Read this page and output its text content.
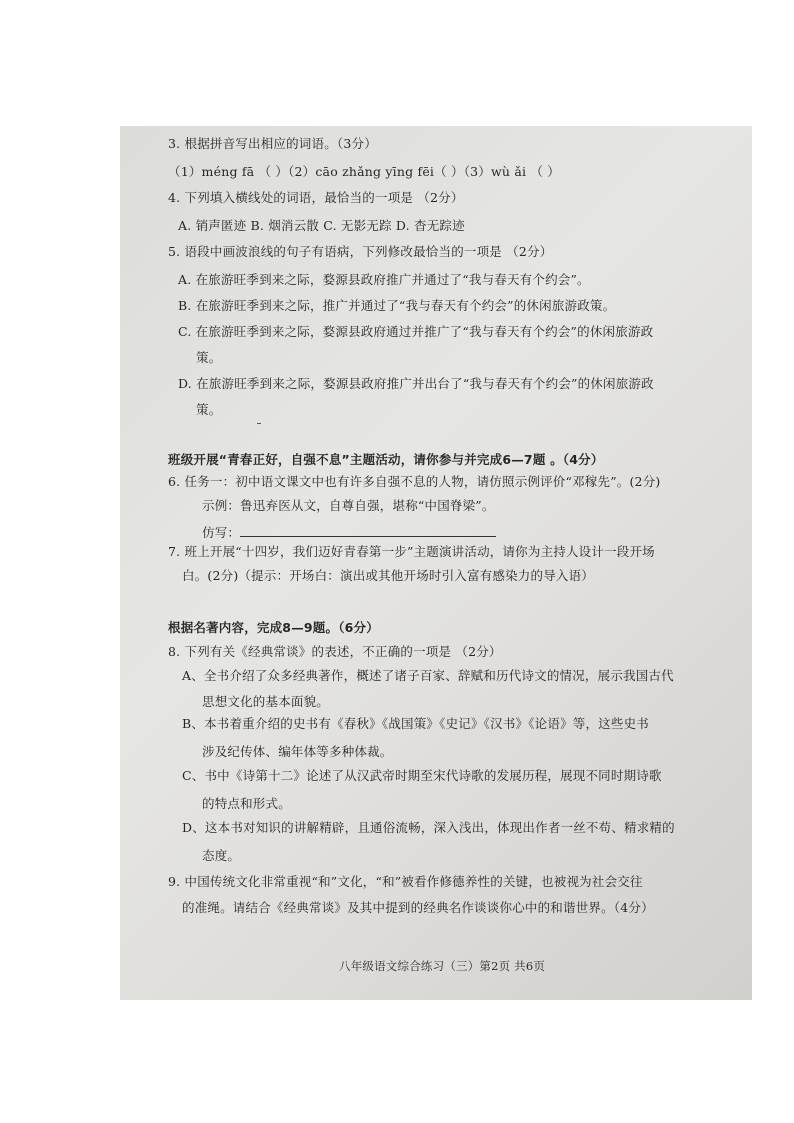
3. 根据拼音写出相应的词语。（3分）
（1）méng fā （ ）（2）cāo zhǎng yīng fēi（ ）（3）wù ǎi （ ）
4. 下列填入横线处的词语，最恰当的一项是 （2分）
A. 销声匿迹 B. 烟消云散 C. 无影无踪 D. 杳无踪迹
5. 语段中画波浪线的句子有语病，下列修改最恰当的一项是 （2分）
A. 在旅游旺季到来之际，婺源县政府推广并通过了“我与春天有个约会”。
B. 在旅游旺季到来之际，推广并通过了“我与春天有个约会”的休闲旅游政策。
C. 在旅游旺季到来之际，婺源县政府通过并推广了“我与春天有个约会”的休闲旅游政
策。
D. 在旅游旺季到来之际，婺源县政府推广并出台了“我与春天有个约会”的休闲旅游政
策。
班级开展“青春正好，自强不息”主题活动，请你参与并完成6—7题 。（4分）
6. 任务一：初中语文课文中也有许多自强不息的人物，请仿照示例评价“邓稼先”。(2分)
示例：鲁迅弃医从文，自尊自强，堪称“中国脊梁”。
仿写：
7. 班上开展“十四岁，我们迈好青春第一步”主题演讲活动，请你为主持人设计一段开场
白。(2分)（提示：开场白：演出或其他开场时引入富有感染力的导入语）
根据名著内容，完成8—9题。（6分）
8. 下列有关《经典常谈》的表述，不正确的一项是 （2分）
A、全书介绍了众多经典著作，概述了诸子百家、辞赋和历代诗文的情况，展示我国古代
思想文化的基本面貌。
B、本书着重介绍的史书有《春秋》《战国策》《史记》《汉书》《论语》等，这些史书
涉及纪传体、编年体等多种体裁。
C、书中《诗第十二》论述了从汉武帝时期至宋代诗歌的发展历程，展现不同时期诗歌
的特点和形式。
D、这本书对知识的讲解精辟，且通俗流畅，深入浅出，体现出作者一丝不苟、精求精的
态度。
9. 中国传统文化非常重视“和”文化，“和”被看作修德养性的关键，也被视为社会交往
的准绳。请结合《经典常谈》及其中提到的经典名作谈谈你心中的和谐世界。（4分）
八年级语文综合练习（三）第2页 共6页
